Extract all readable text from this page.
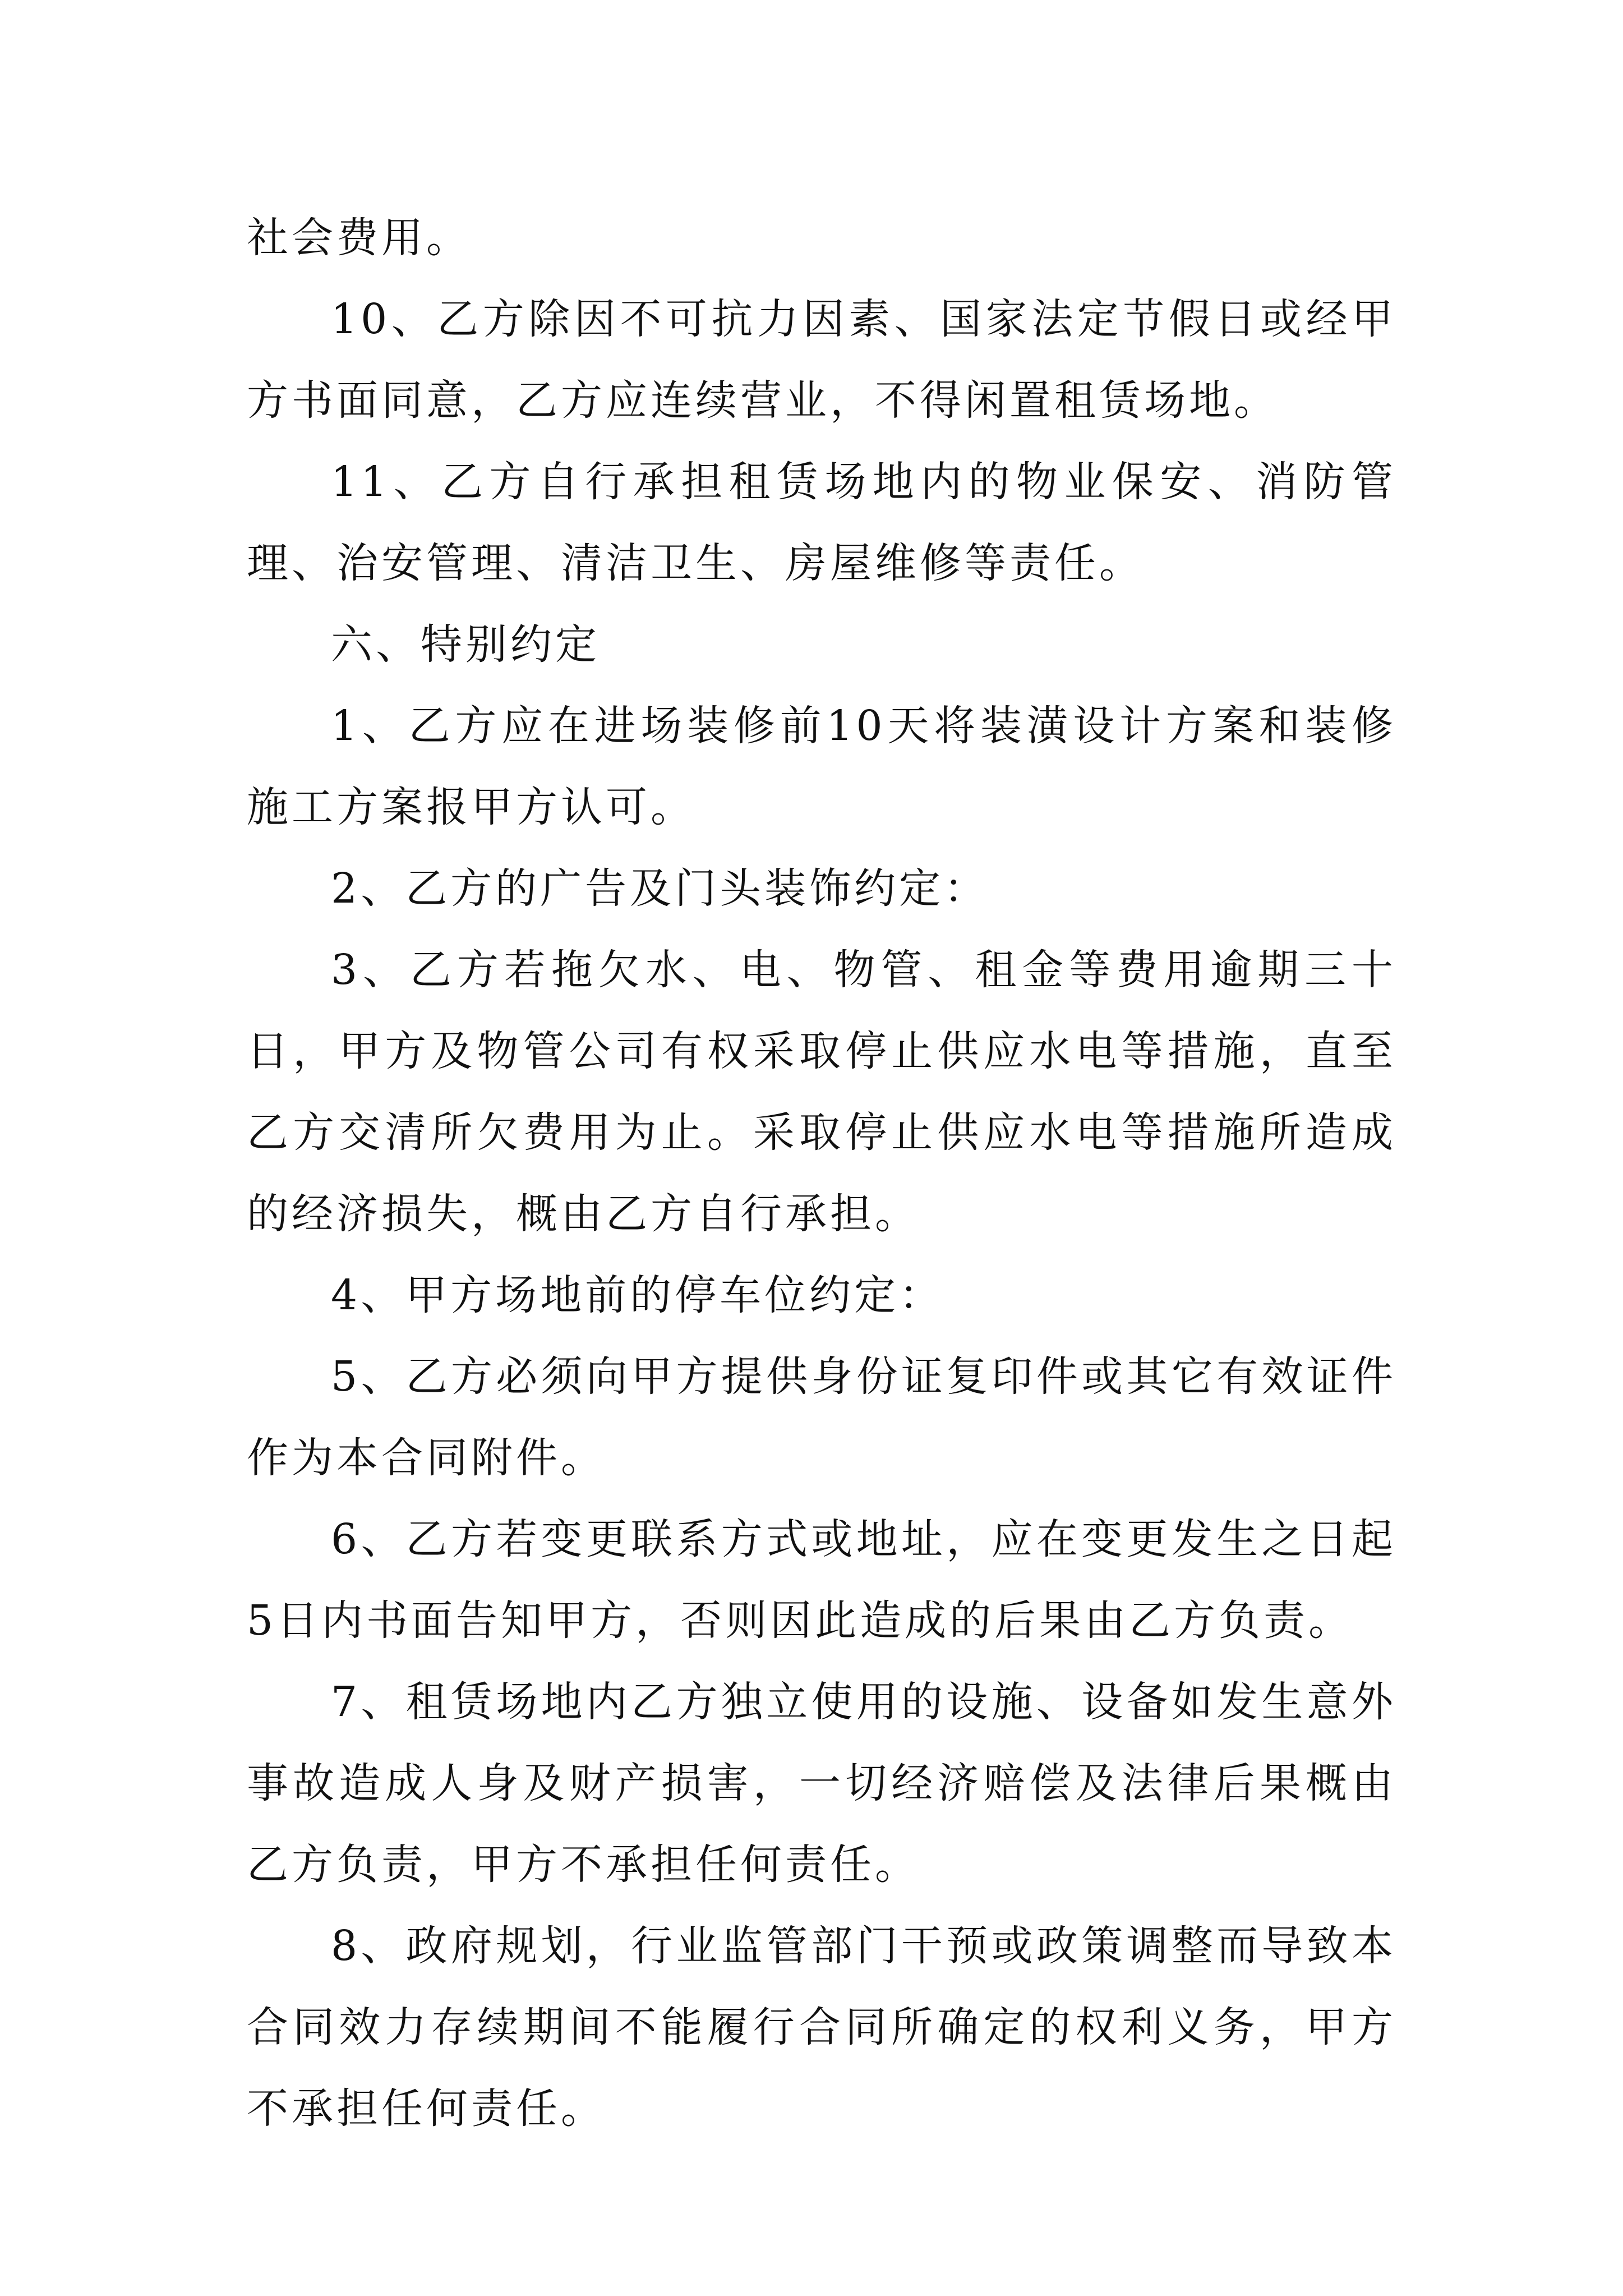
社会费用。

10、乙方除因不可抗力因素、国家法定节假日或经甲方书面同意，乙方应连续营业，不得闲置租赁场地。

11、乙方自行承担租赁场地内的物业保安、消防管理、治安管理、清洁卫生、房屋维修等责任。

六、特别约定

1、乙方应在进场装修前10天将装潢设计方案和装修施工方案报甲方认可。

2、乙方的广告及门头装饰约定：

3、乙方若拖欠水、电、物管、租金等费用逾期三十日，甲方及物管公司有权采取停止供应水电等措施，直至乙方交清所欠费用为止。采取停止供应水电等措施所造成的经济损失，概由乙方自行承担。

4、甲方场地前的停车位约定：

5、乙方必须向甲方提供身份证复印件或其它有效证件作为本合同附件。

6、乙方若变更联系方式或地址，应在变更发生之日起5日内书面告知甲方，否则因此造成的后果由乙方负责。

7、租赁场地内乙方独立使用的设施、设备如发生意外事故造成人身及财产损害，一切经济赔偿及法律后果概由乙方负责，甲方不承担任何责任。

8、政府规划，行业监管部门干预或政策调整而导致本合同效力存续期间不能履行合同所确定的权利义务，甲方不承担任何责任。
